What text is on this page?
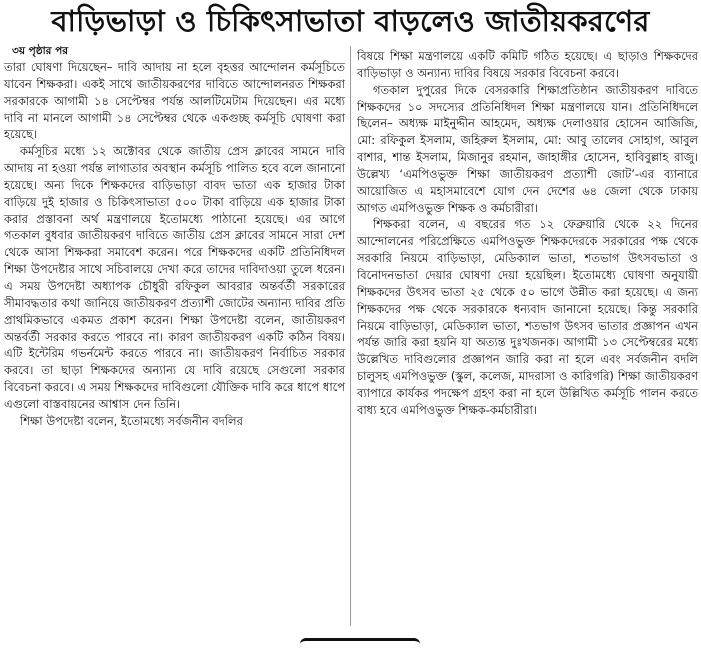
বাড়িভাড়া ও চিকিৎসাভাতা বাড়লেও জাতীয়করণের
৩য় পৃষ্ঠার পর

তারা ঘোষণা দিয়েছেন– দাবি আদায় না হলে বৃহত্তর আন্দোলন কর্মসূচিতে যাবেন শিক্ষকরা। একই সাথে জাতীয়করণের দাবিতে আন্দোলনরত শিক্ষকরা সরকারকে আগামী ১৪ সেপ্টেম্বর পর্যন্ত আলটিমেটাম দিয়েছেন। এর মধ্যে দাবি না মানলে আগামী ১৪ সেপ্টেম্বর থেকে একগুচ্ছ কর্মসূচি ঘোষণা করা হয়েছে।

কর্মসূচির মধ্যে ১২ অক্টোবর থেকে জাতীয় প্রেস ক্লাবের সামনে দাবি আদায় না হওয়া পর্যন্ত লাগাতার অবস্থান কর্মসূচি পালিত হবে বলে জানানো হয়েছে। অন্য দিকে শিক্ষকদের বাড়িভাড়া বাবদ ভাতা এক হাজার টাকা বাড়িয়ে দুই হাজার ও চিকিৎসাভাতা ৫০০ টাকা বাড়িয়ে এক হাজার টাকা করার প্রস্তাবনা অর্থ মন্ত্রণালয়ে ইতোমধ্যে পাঠানো হয়েছে। এর আগে গতকাল বুধবার জাতীয়করণ দাবিতে জাতীয় প্রেস ক্লাবের সামনে সারা দেশ থেকে আসা শিক্ষকরা সমাবেশ করেন। পরে শিক্ষকদের একটি প্রতিনিধিদল শিক্ষা উপদেষ্টার সাথে সচিবালয়ে দেখা করে তাদের দাবিদাওয়া তুলে ধরেন। এ সময় উপদেষ্টা অধ্যাপক চৌধুরী রফিকুল আবরার অন্তর্বর্তী সরকারের সীমাবদ্ধতার কথা জানিয়ে জাতীয়করণ প্রত্যাশী জোটের অন্যান্য দাবির প্রতি প্রাথমিকভাবে একমত প্রকাশ করেন। শিক্ষা উপদেষ্টা বলেন, জাতীয়করণ অন্তর্বর্তী সরকার করতে পারবে না। কারণ জাতীয়করণ একটি কঠিন বিষয়। এটি ইন্টেরিম গভর্নমেন্ট করতে পারবে না। জাতীয়করণ নির্বাচিত সরকার করবে। তা ছাড়া শিক্ষকদের অন্যান্য যে দাবি রয়েছে সেগুলো সরকার বিবেচনা করবে। এ সময় শিক্ষকদের দাবিগুলো যৌক্তিক দাবি করে ধাপে ধাপে এগুলো বাস্তবায়নের আশ্বাস দেন তিনি।

শিক্ষা উপদেষ্টা বলেন, ইতোমধ্যে সর্বজনীন বদলির

বিষয়ে শিক্ষা মন্ত্রণালয়ে একটি কমিটি গঠিত হয়েছে। এ ছাড়াও শিক্ষকদের বাড়িভাড়া ও অন্যান্য দাবির বিষয়ে সরকার বিবেচনা করবে।

গতকাল দুপুরের দিকে বেসরকারি শিক্ষাপ্রতিষ্ঠান জাতীয়করণ দাবিতে শিক্ষকদের ১০ সদস্যের প্রতিনিধিদল শিক্ষা মন্ত্রণালয়ে যান। প্রতিনিধিদলে ছিলেন– অধ্যক্ষ মাইনুদ্দীন আহমেদ, অধ্যক্ষ দেলাওয়ার হোসেন আজিজি, মো: রফিকুল ইসলাম, জহিরুল ইসলাম, মো: আবু তালেব সোহাগ, আবুল বাশার, শান্ত ইসলাম, মিজানুর রহমান, জাহাঙ্গীর হোসেন, হাবিবুল্লাহ রাজু। উল্লেখ্য ‘এমপিওভুক্ত শিক্ষা জাতীয়করণ প্রত্যাশী জোট’-এর ব্যানারে আয়োজিত এ মহাসমাবেশে যোগ দেন দেশের ৬৪ জেলা থেকে ঢাকায় আগত এমপিওভুক্ত শিক্ষক ও কর্মচারীরা।

শিক্ষকরা বলেন, এ বছরের গত ১২ ফেব্রুয়ারি থেকে ২২ দিনের আন্দোলনের পরিপ্রেক্ষিতে এমপিওভুক্ত শিক্ষকদেরকে সরকারের পক্ষ থেকে সরকারি নিয়মে বাড়িভাড়া, মেডিক্যাল ভাতা, শতভাগ উৎসবভাতা ও বিনোদনভাতা দেয়ার ঘোষণা দেয়া হয়েছিল। ইতোমধ্যে ঘোষণা অনুযায়ী শিক্ষকদের উৎসব ভাতা ২৫ থেকে ৫০ ভাগে উন্নীত করা হয়েছে। এ জন্য শিক্ষকদের পক্ষ থেকে সরকারকে ধন্যবাদ জানানো হয়েছে। কিন্তু সরকারি নিয়মে বাড়িভাড়া, মেডিক্যাল ভাতা, শতভাগ উৎসব ভাতার প্রজ্ঞাপন এখন পর্যন্ত জারি করা হয়নি যা অত্যন্ত দুঃখজনক। আগামী ১৩ সেপ্টেম্বরের মধ্যে উল্লেখিত দাবিগুলোর প্রজ্ঞাপন জারি করা না হলে এবং সর্বজনীন বদলি চালুসহ এমপিওভুক্ত (স্কুল, কলেজ, মাদরাসা ও কারিগরি) শিক্ষা জাতীয়করণ ব্যাপারে কার্যকর পদক্ষেপ গ্রহণ করা না হলে উল্লিখিত কর্মসূচি পালন করতে বাধ্য হবে এমপিওভুক্ত শিক্ষক-কর্মচারীরা।
